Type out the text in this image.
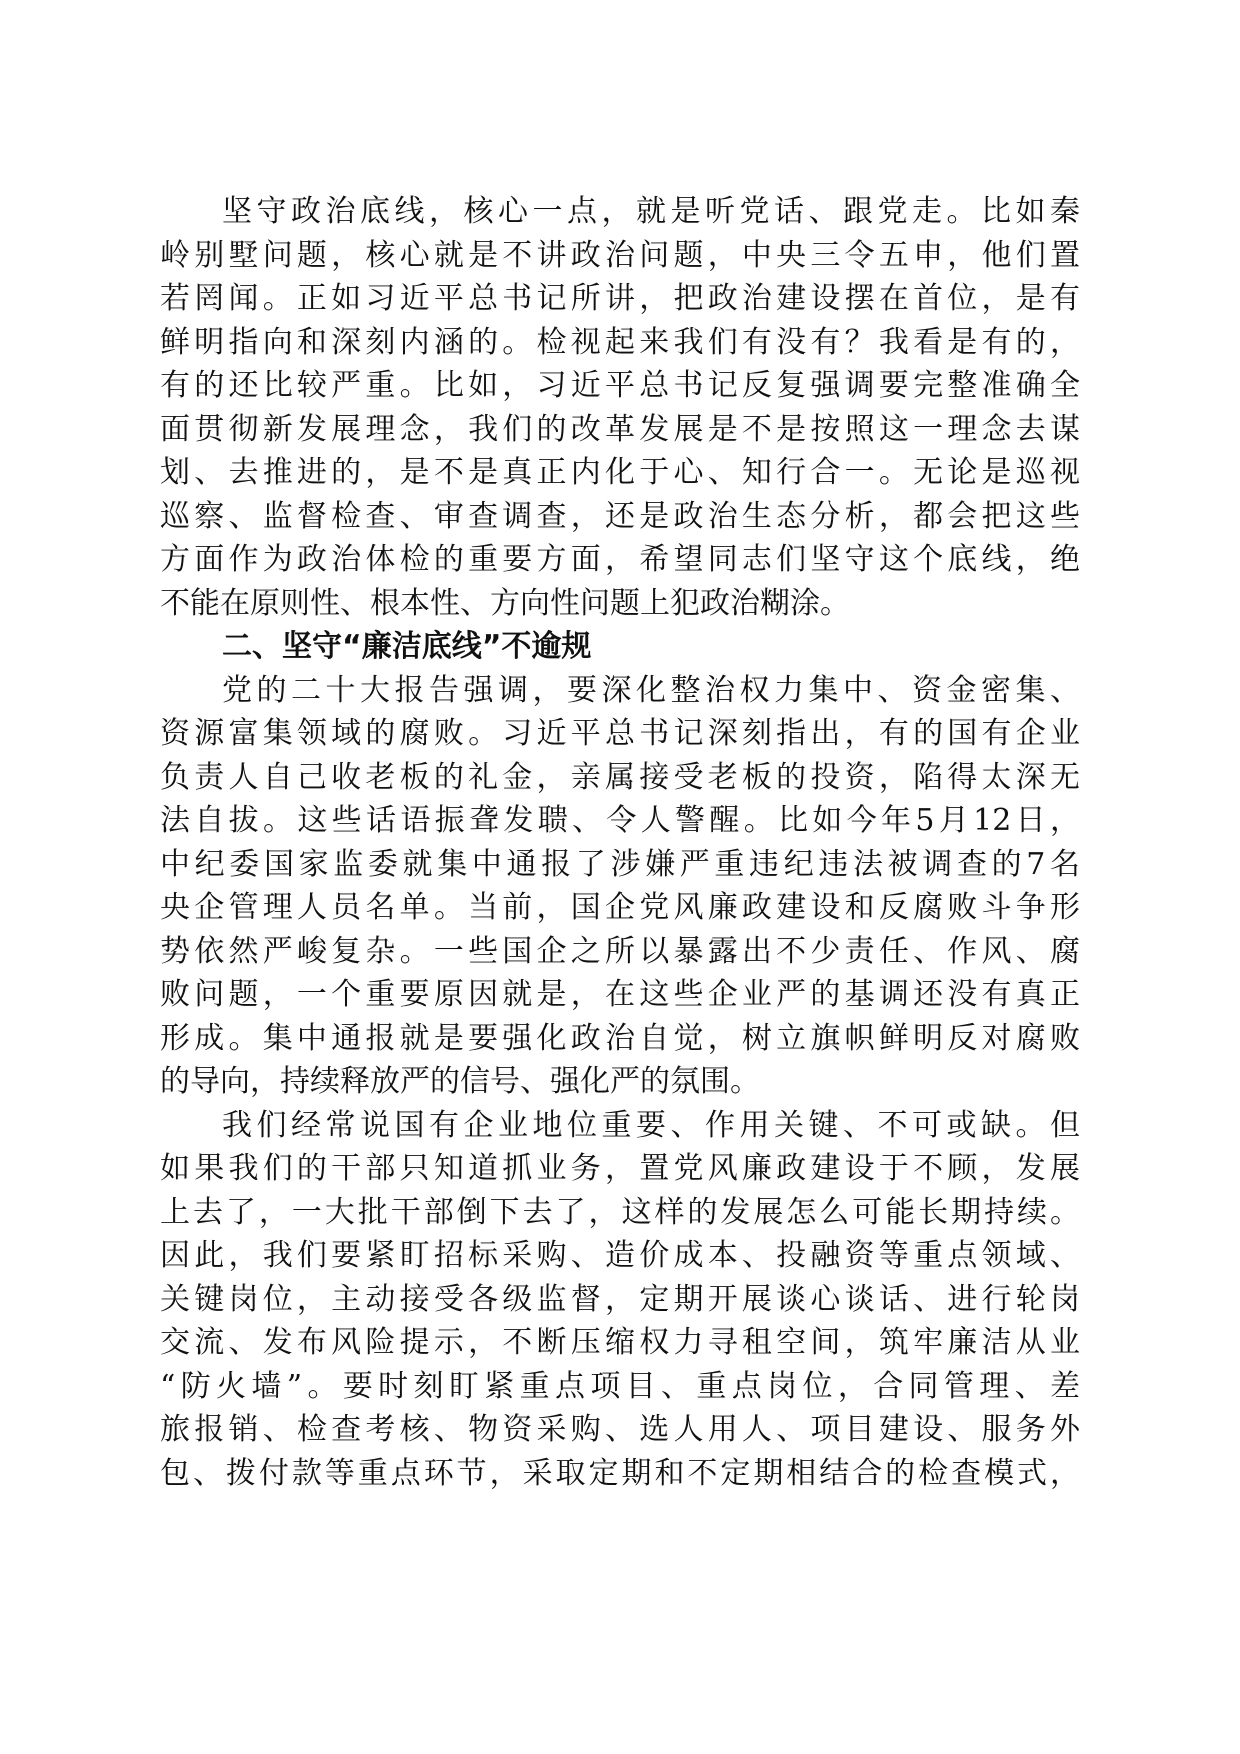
坚守政治底线，核心一点，就是听党话、跟党走。比如秦
岭别墅问题，核心就是不讲政治问题，中央三令五申，他们置
若罔闻。正如习近平总书记所讲，把政治建设摆在首位，是有
鲜明指向和深刻内涵的。检视起来我们有没有？我看是有的，
有的还比较严重。比如，习近平总书记反复强调要完整准确全
面贯彻新发展理念，我们的改革发展是不是按照这一理念去谋
划、去推进的，是不是真正内化于心、知行合一。无论是巡视
巡察、监督检查、审查调查，还是政治生态分析，都会把这些
方面作为政治体检的重要方面，希望同志们坚守这个底线，绝
不能在原则性、根本性、方向性问题上犯政治糊涂。
二、坚守“廉洁底线”不逾规
党的二十大报告强调，要深化整治权力集中、资金密集、
资源富集领域的腐败。习近平总书记深刻指出，有的国有企业
负责人自己收老板的礼金，亲属接受老板的投资，陷得太深无
法自拔。这些话语振聋发聩、令人警醒。比如今年5月12日，
中纪委国家监委就集中通报了涉嫌严重违纪违法被调查的7名
央企管理人员名单。当前，国企党风廉政建设和反腐败斗争形
势依然严峻复杂。一些国企之所以暴露出不少责任、作风、腐
败问题，一个重要原因就是，在这些企业严的基调还没有真正
形成。集中通报就是要强化政治自觉，树立旗帜鲜明反对腐败
的导向，持续释放严的信号、强化严的氛围。
我们经常说国有企业地位重要、作用关键、不可或缺。但
如果我们的干部只知道抓业务，置党风廉政建设于不顾，发展
上去了，一大批干部倒下去了，这样的发展怎么可能长期持续。
因此，我们要紧盯招标采购、造价成本、投融资等重点领域、
关键岗位，主动接受各级监督，定期开展谈心谈话、进行轮岗
交流、发布风险提示，不断压缩权力寻租空间，筑牢廉洁从业
“防火墙”。要时刻盯紧重点项目、重点岗位，合同管理、差
旅报销、检查考核、物资采购、选人用人、项目建设、服务外
包、拨付款等重点环节，采取定期和不定期相结合的检查模式，
